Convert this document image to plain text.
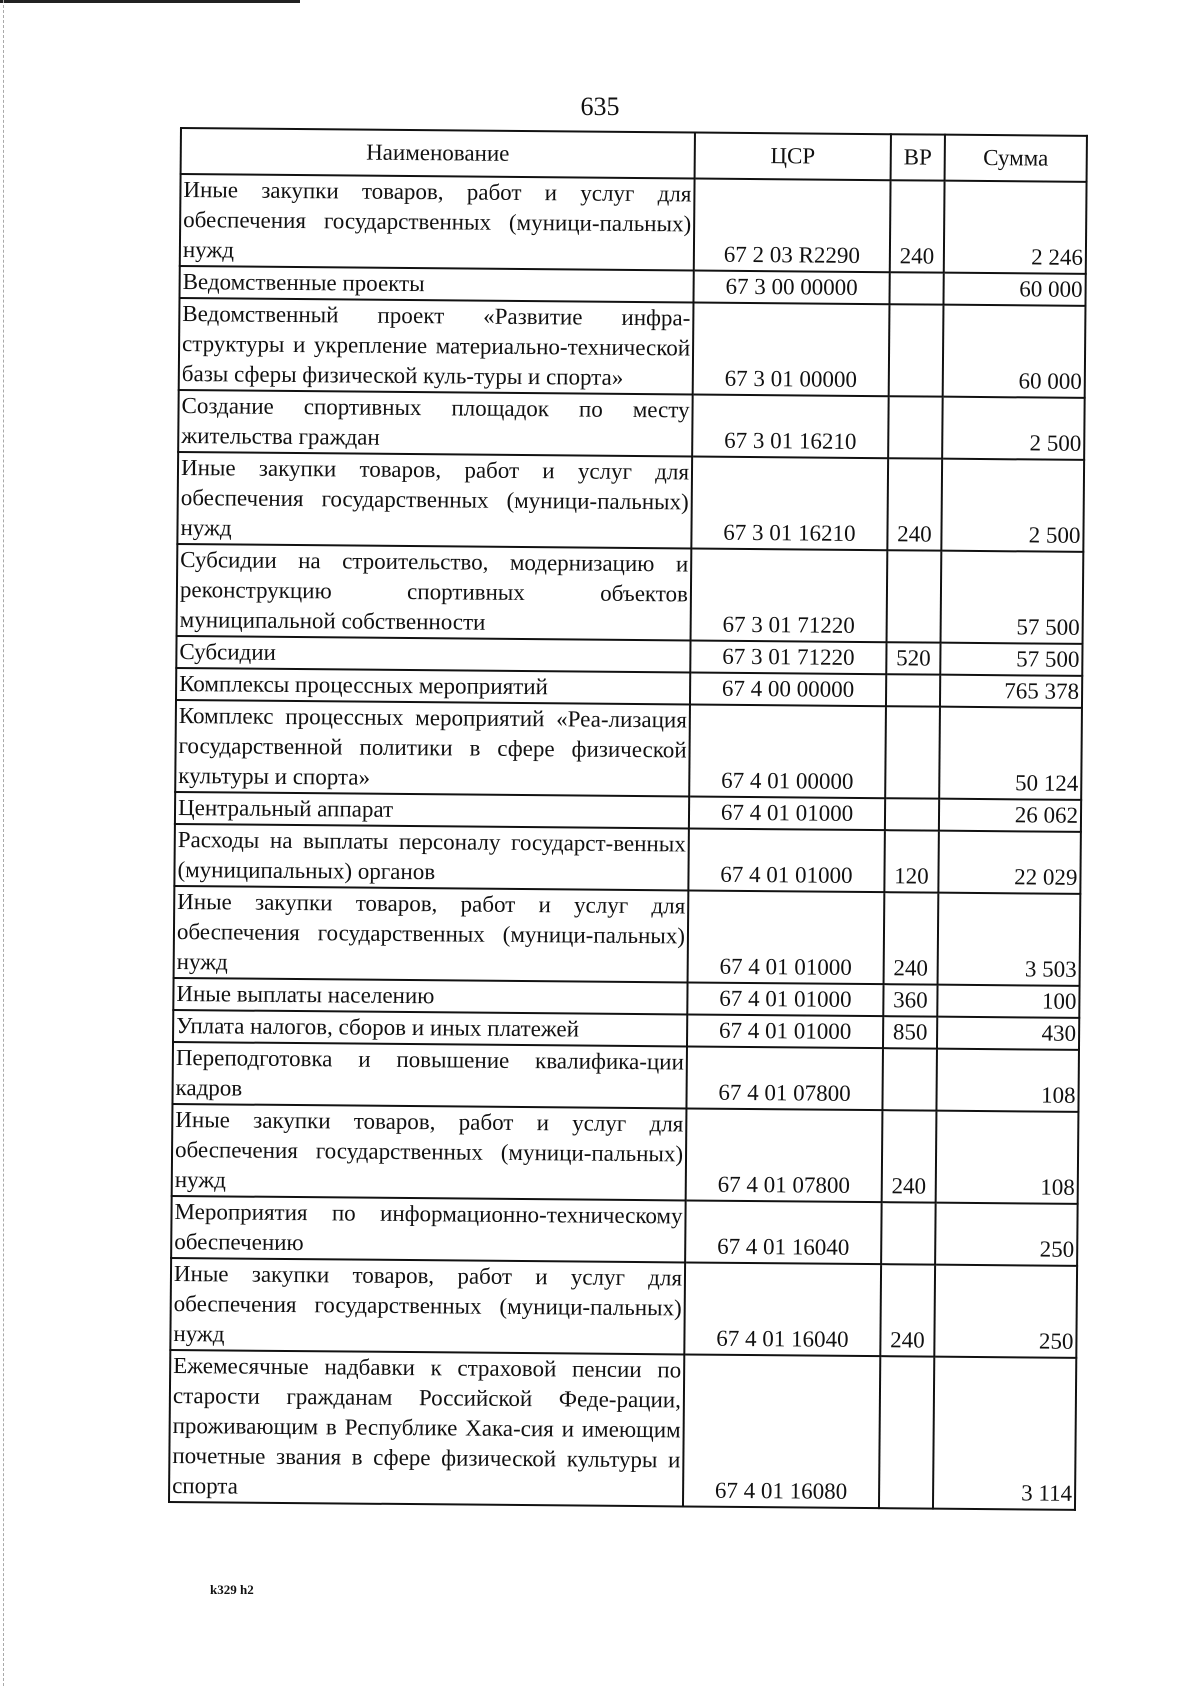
635
Наименование	ЦСР	ВР	Сумма
Иные закупки товаров, работ и услуг для обеспечения государственных (муници-пальных) нужд	67 2 03 R2290	240	2 246
Ведомственные проекты	67 3 00 00000		60 000
Ведомственный проект «Развитие инфра-структуры и укрепление материально-технической базы сферы физической куль-туры и спорта»	67 3 01 00000		60 000
Создание спортивных площадок по месту жительства граждан	67 3 01 16210		2 500
Иные закупки товаров, работ и услуг для обеспечения государственных (муници-пальных) нужд	67 3 01 16210	240	2 500
Субсидии на строительство, модернизацию и реконструкцию спортивных объектов муниципальной собственности	67 3 01 71220		57 500
Субсидии	67 3 01 71220	520	57 500
Комплексы процессных мероприятий	67 4 00 00000		765 378
Комплекс процессных мероприятий «Реа-лизация государственной политики в сфере физической культуры и спорта»	67 4 01 00000		50 124
Центральный аппарат	67 4 01 01000		26 062
Расходы на выплаты персоналу государст-венных (муниципальных) органов	67 4 01 01000	120	22 029
Иные закупки товаров, работ и услуг для обеспечения государственных (муници-пальных) нужд	67 4 01 01000	240	3 503
Иные выплаты населению	67 4 01 01000	360	100
Уплата налогов, сборов и иных платежей	67 4 01 01000	850	430
Переподготовка и повышение квалифика-ции кадров	67 4 01 07800		108
Иные закупки товаров, работ и услуг для обеспечения государственных (муници-пальных) нужд	67 4 01 07800	240	108
Мероприятия по информационно-техническому обеспечению	67 4 01 16040		250
Иные закупки товаров, работ и услуг для обеспечения государственных (муници-пальных) нужд	67 4 01 16040	240	250
Ежемесячные надбавки к страховой пенсии по старости гражданам Российской Феде-рации, проживающим в Республике Хака-сия и имеющим почетные звания в сфере физической культуры и спорта	67 4 01 16080		3 114
k329 h2
